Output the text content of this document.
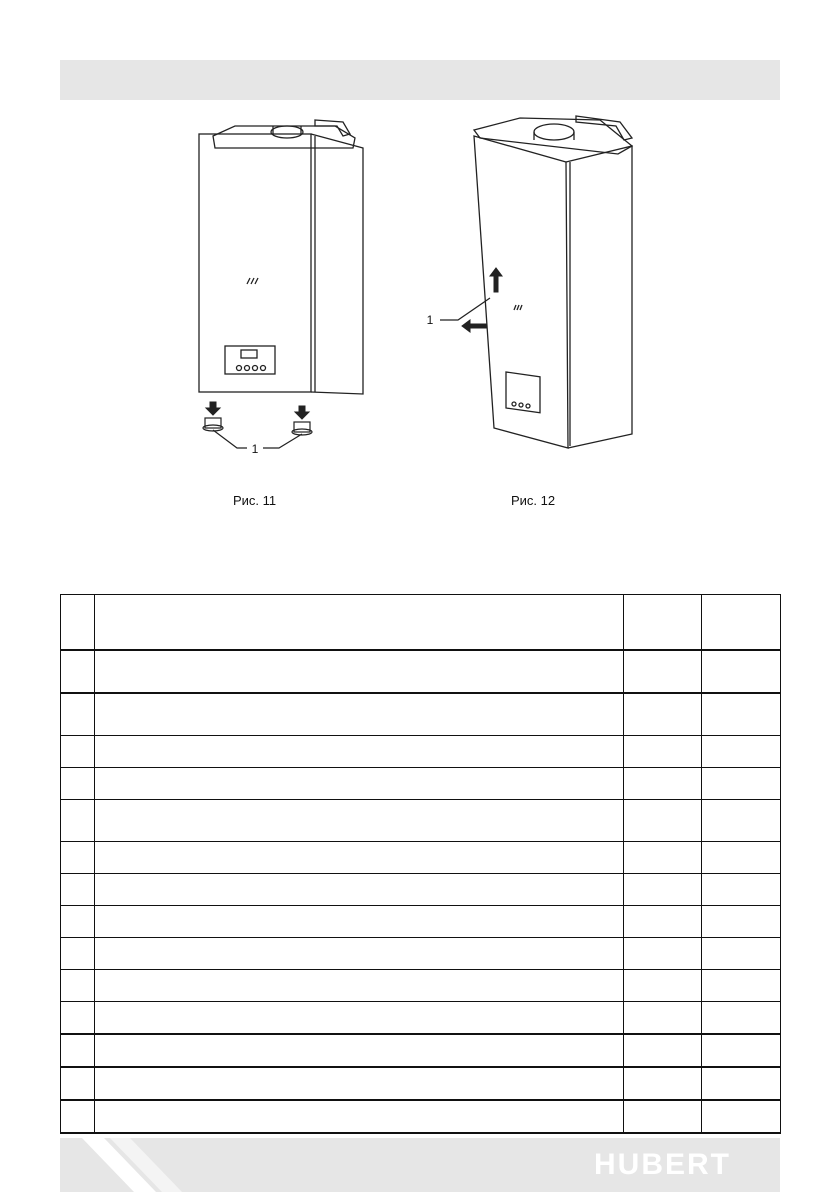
1
1
Рис. 11	Рис. 12

HUBERT
